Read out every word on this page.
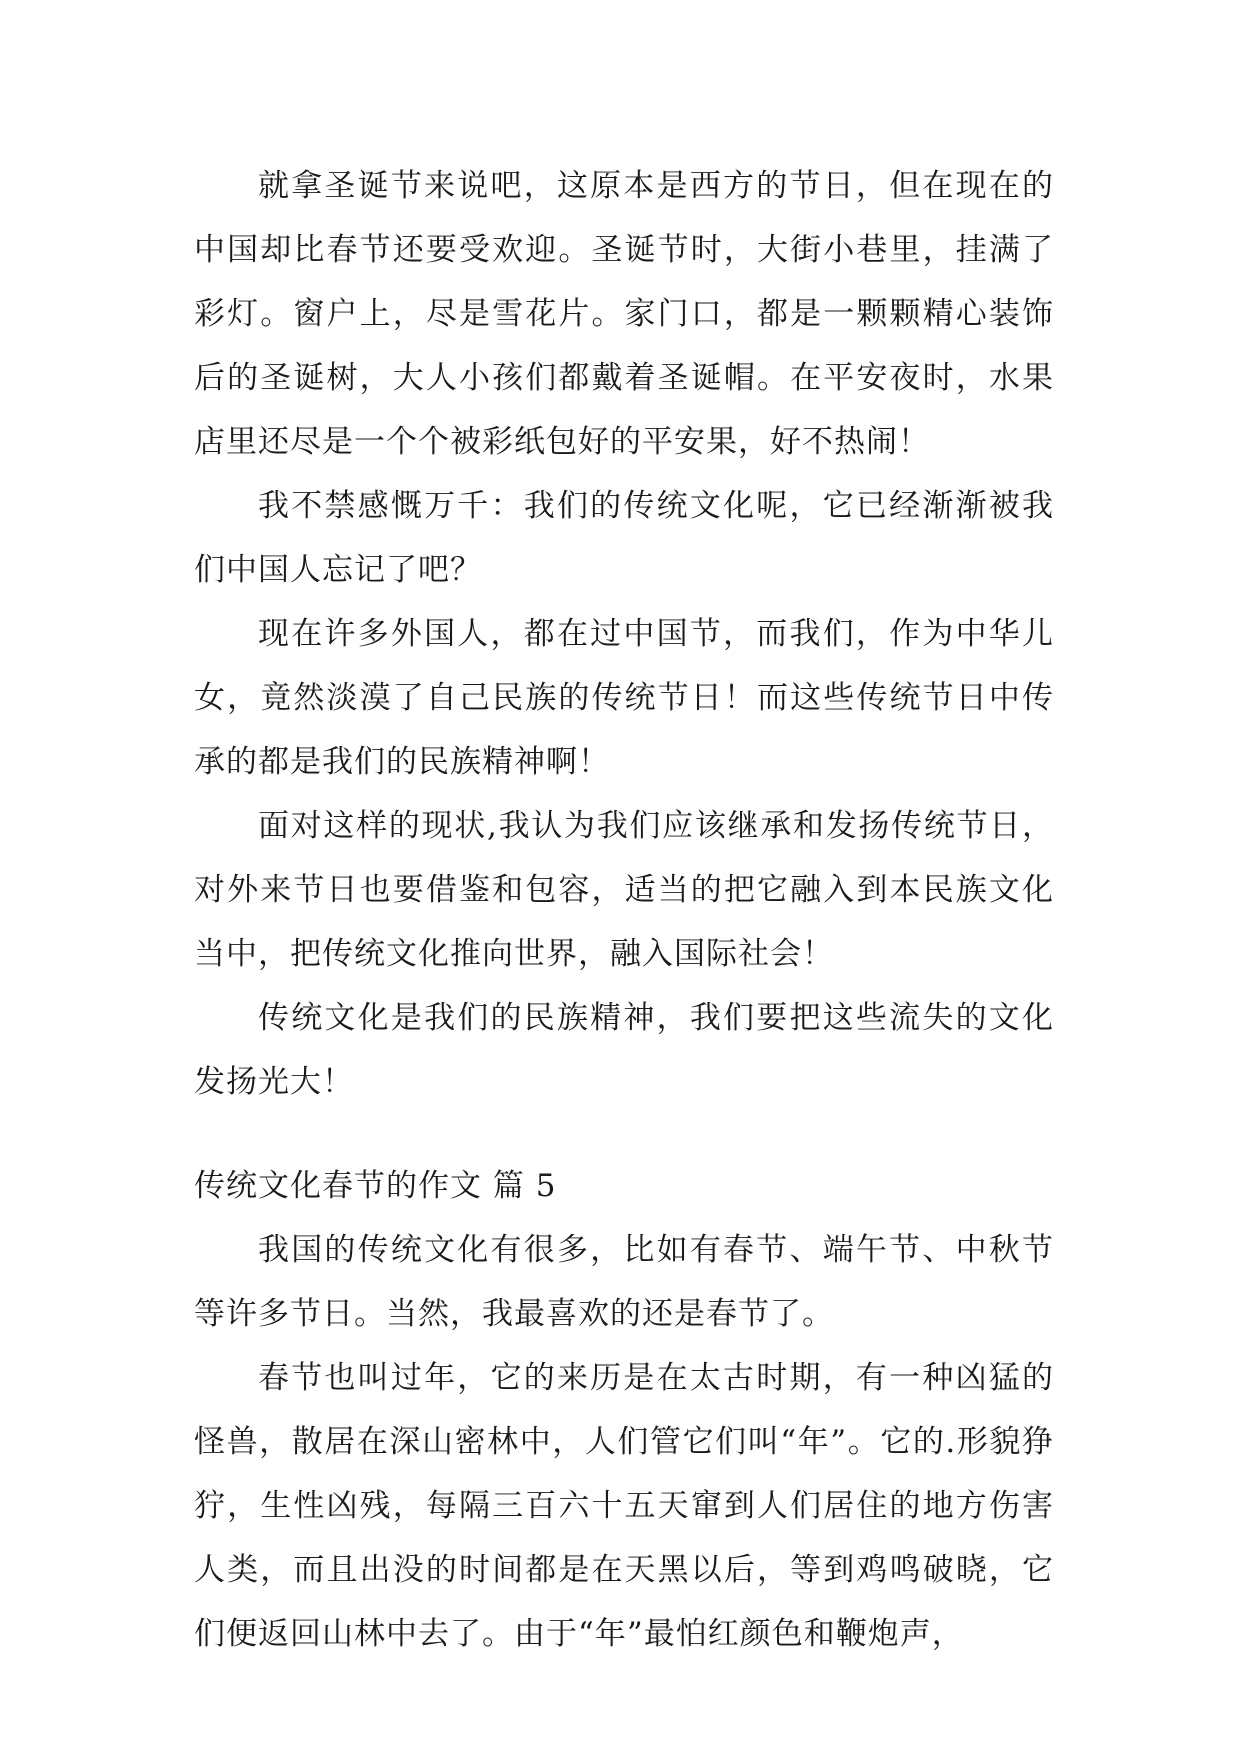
就拿圣诞节来说吧，这原本是西方的节日，但在现在的中国却比春节还要受欢迎。圣诞节时，大街小巷里，挂满了彩灯。窗户上，尽是雪花片。家门口，都是一颗颗精心装饰后的圣诞树，大人小孩们都戴着圣诞帽。在平安夜时，水果店里还尽是一个个被彩纸包好的平安果，好不热闹！

我不禁感慨万千：我们的传统文化呢，它已经渐渐被我们中国人忘记了吧？

现在许多外国人，都在过中国节，而我们，作为中华儿女，竟然淡漠了自己民族的传统节日！而这些传统节日中传承的都是我们的民族精神啊！

面对这样的现状,我认为我们应该继承和发扬传统节日，对外来节日也要借鉴和包容，适当的把它融入到本民族文化当中，把传统文化推向世界，融入国际社会！

传统文化是我们的民族精神，我们要把这些流失的文化发扬光大！

传统文化春节的作文 篇 5

我国的传统文化有很多，比如有春节、端午节、中秋节等许多节日。当然，我最喜欢的还是春节了。

春节也叫过年，它的来历是在太古时期，有一种凶猛的怪兽，散居在深山密林中，人们管它们叫“年”。它的.形貌狰狞，生性凶残，每隔三百六十五天窜到人们居住的地方伤害人类，而且出没的时间都是在天黑以后，等到鸡鸣破晓，它们便返回山林中去了。由于“年”最怕红颜色和鞭炮声，
